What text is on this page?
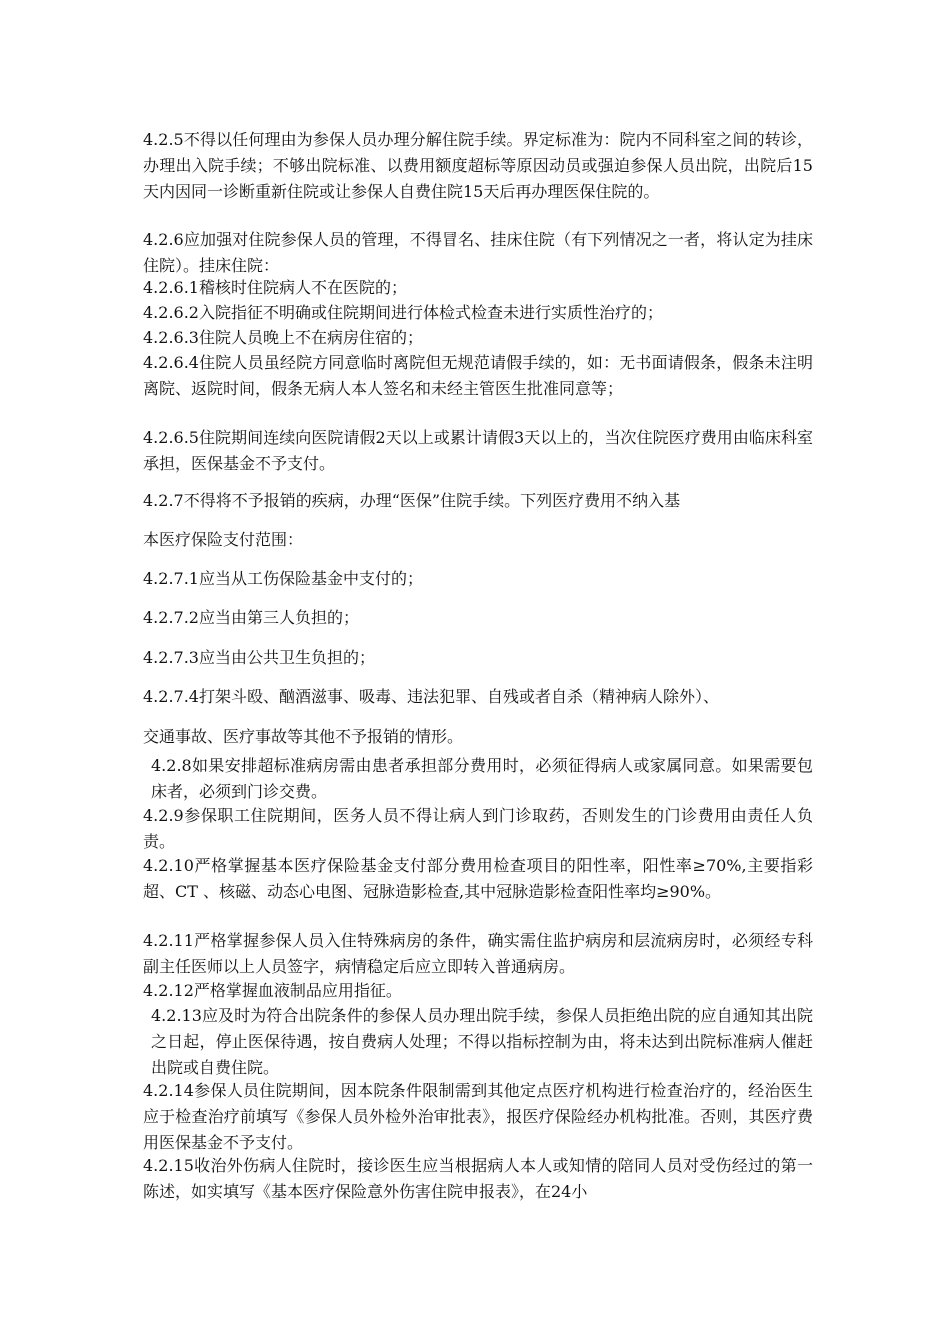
4.2.5不得以任何理由为参保人员办理分解住院手续。界定标准为：院内不同科室之间的转诊，办理出入院手续；不够出院标准、以费用额度超标等原因动员或强迫参保人员出院，出院后15天内因同一诊断重新住院或让参保人自费住院15天后再办理医保住院的。

4.2.6应加强对住院参保人员的管理，不得冒名、挂床住院（有下列情况之一者，将认定为挂床住院）。挂床住院：

4.2.6.1稽核时住院病人不在医院的；

4.2.6.2入院指征不明确或住院期间进行体检式检查未进行实质性治疗的；

4.2.6.3住院人员晚上不在病房住宿的；

4.2.6.4住院人员虽经院方同意临时离院但无规范请假手续的，如：无书面请假条，假条未注明离院、返院时间，假条无病人本人签名和未经主管医生批准同意等；

4.2.6.5住院期间连续向医院请假2天以上或累计请假3天以上的，当次住院医疗费用由临床科室承担，医保基金不予支付。

4.2.7不得将不予报销的疾病，办理“医保”住院手续。下列医疗费用不纳入基

本医疗保险支付范围：

4.2.7.1应当从工伤保险基金中支付的；

4.2.7.2应当由第三人负担的；

4.2.7.3应当由公共卫生负担的；

4.2.7.4打架斗殴、酗酒滋事、吸毒、违法犯罪、自残或者自杀（精神病人除外）、

交通事故、医疗事故等其他不予报销的情形。

4.2.8如果安排超标准病房需由患者承担部分费用时，必须征得病人或家属同意。如果需要包床者，必须到门诊交费。

4.2.9参保职工住院期间，医务人员不得让病人到门诊取药，否则发生的门诊费用由责任人负责。

4.2.10严格掌握基本医疗保险基金支付部分费用检查项目的阳性率，阳性率≥70%,主要指彩超、CT 、核磁、动态心电图、冠脉造影检查,其中冠脉造影检查阳性率均≥90%。

4.2.11严格掌握参保人员入住特殊病房的条件，确实需住监护病房和层流病房时，必须经专科副主任医师以上人员签字，病情稳定后应立即转入普通病房。

4.2.12严格掌握血液制品应用指征。

4.2.13应及时为符合出院条件的参保人员办理出院手续，参保人员拒绝出院的应自通知其出院之日起，停止医保待遇，按自费病人处理；不得以指标控制为由，将未达到出院标准病人催赶出院或自费住院。

4.2.14参保人员住院期间，因本院条件限制需到其他定点医疗机构进行检查治疗的，经治医生应于检查治疗前填写《参保人员外检外治审批表》，报医疗保险经办机构批准。否则，其医疗费用医保基金不予支付。

4.2.15收治外伤病人住院时，接诊医生应当根据病人本人或知情的陪同人员对受伤经过的第一陈述，如实填写《基本医疗保险意外伤害住院申报表》，在24小
